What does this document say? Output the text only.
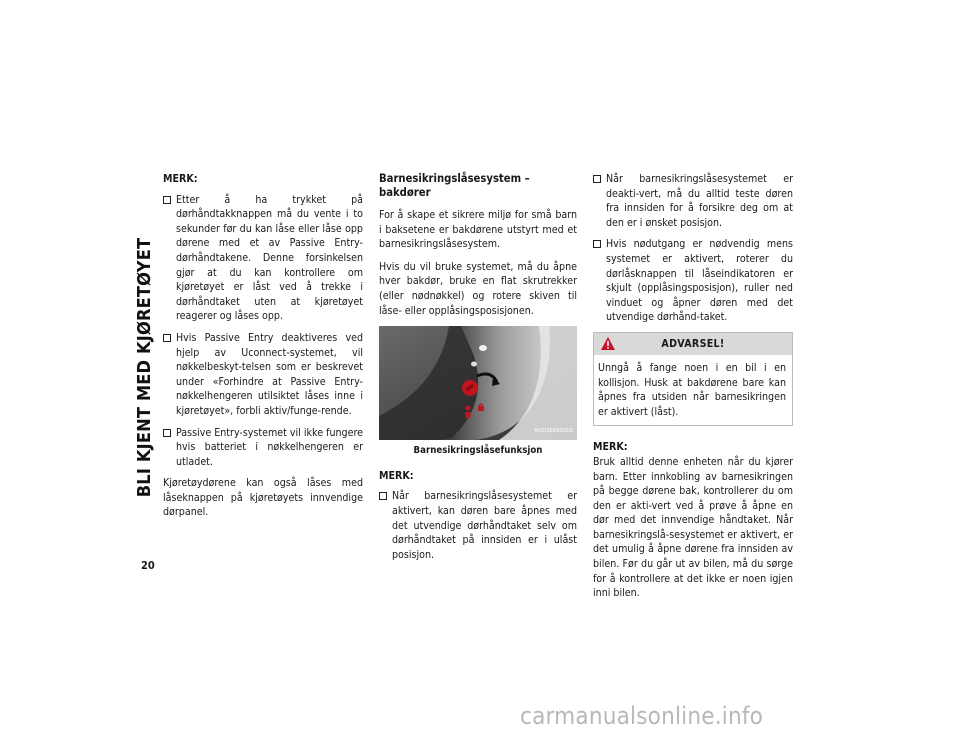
BLI KJENT MED KJØRETØYET
20
MERK:
Etter å ha trykket på dørhåndtakknappen må du vente i to sekunder før du kan låse eller låse opp dørene med et av Passive Entry-dørhåndtakene. Denne forsinkelsen gjør at du kan kontrollere om kjøretøyet er låst ved å trekke i dørhåndtaket uten at kjøretøyet reagerer og låses opp.
Hvis Passive Entry deaktiveres ved hjelp av Uconnect-systemet, vil nøkkelbeskyt-telsen som er beskrevet under «Forhindre at Passive Entry-nøkkelhengeren utilsiktet låses inne i kjøretøyet», forbli aktiv/funge-rende.
Passive Entry-systemet vil ikke fungere hvis batteriet i nøkkelhengeren er utladet.

Kjøretøydørene kan også låses med låseknappen på kjøretøyets innvendige dørpanel.

Barnesikringslåsesystem – bakdører

For å skape et sikrere miljø for små barn i baksetene er bakdørene utstyrt med et barnesikringslåsesystem.

Hvis du vil bruke systemet, må du åpne hver bakdør, bruke en flat skrutrekker (eller nødnøkkel) og rotere skiven til låse- eller opplåsingsposisjonen.

M0310000033US
Barnesikringslåsefunksjon
MERK:
Når barnesikringslåsesystemet er aktivert, kan døren bare åpnes med det utvendige dørhåndtaket selv om dørhåndtaket på innsiden er i ulåst posisjon.
Når barnesikringslåsesystemet er deakti-vert, må du alltid teste døren fra innsiden for å forsikre deg om at den er i ønsket posisjon.
Hvis nødutgang er nødvendig mens systemet er aktivert, roterer du dørlåsknappen til låseindikatoren er skjult (opplåsingsposisjon), ruller ned vinduet og åpner døren med det utvendige dørhånd-taket.
ADVARSEL!
Unngå å fange noen i en bil i en kollisjon. Husk at bakdørene bare kan åpnes fra utsiden når barnesikringen er aktivert (låst).
MERK:

Bruk alltid denne enheten når du kjører barn. Etter innkobling av barnesikringen på begge dørene bak, kontrollerer du om den er akti-vert ved å prøve å åpne en dør med det innvendige håndtaket. Når barnesikringslå-sesystemet er aktivert, er det umulig å åpne dørene fra innsiden av bilen. Før du går ut av bilen, må du sørge for å kontrollere at det ikke er noen igjen inni bilen.

carmanualsonline.info
